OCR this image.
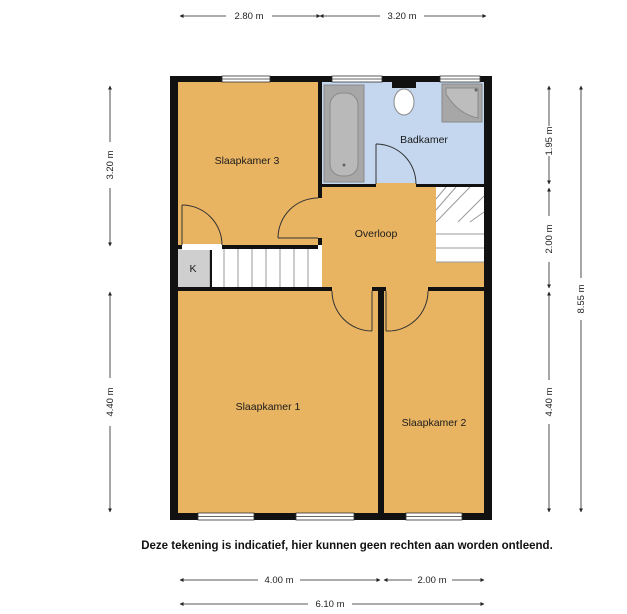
Slaapkamer 3
Badkamer
Overloop
K
Slaapkamer 1
Slaapkamer 2
2.80 m	3.20 m
3.20 m
4.40 m
1.95 m
2.00 m
4.40 m
8.55 m
4.00 m	2.00 m
6.10 m
Deze tekening is indicatief, hier kunnen geen rechten aan worden ontleend.
